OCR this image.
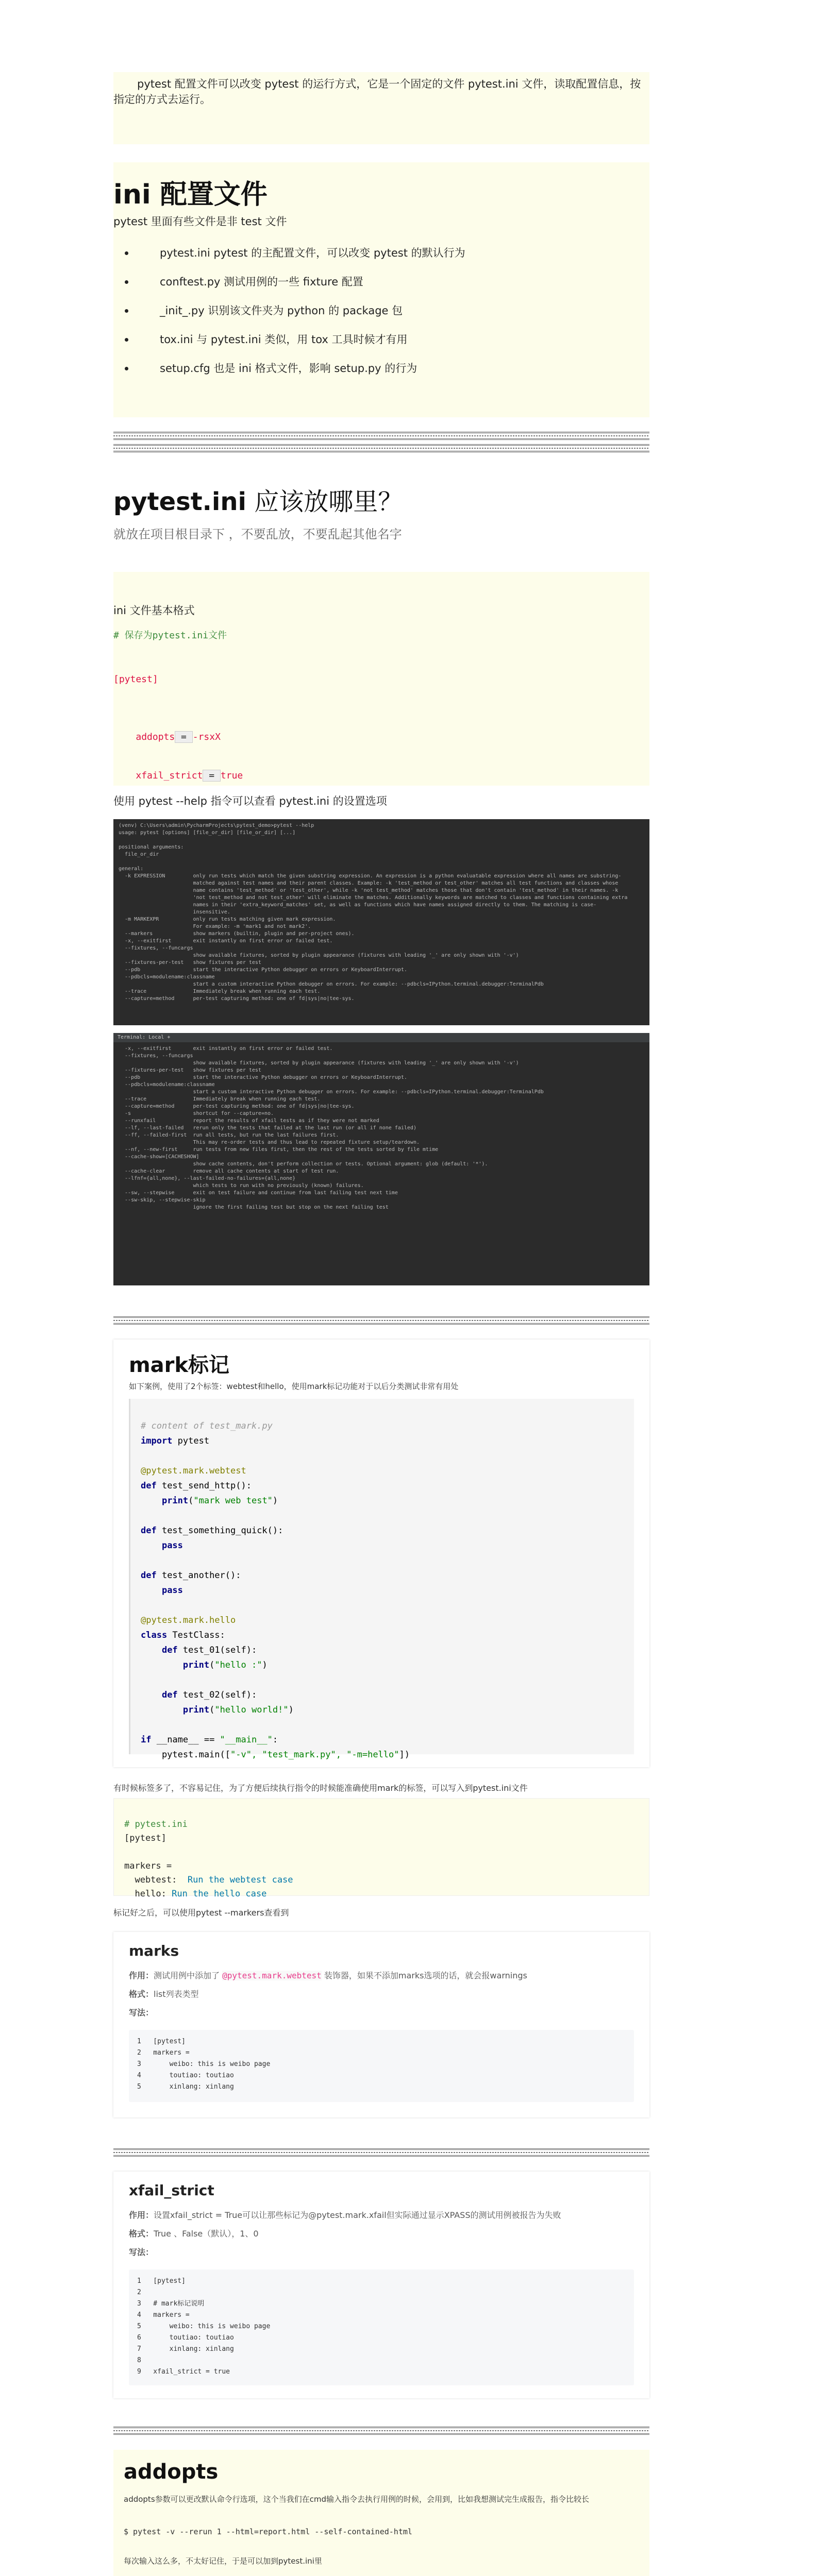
pytest 配置文件可以改变 pytest 的运行方式，它是一个固定的文件 pytest.ini 文件，读取配置信息，按指定的方式去运行。
ini 配置文件
pytest 里面有些文件是非 test 文件
pytest.ini pytest 的主配置文件，可以改变 pytest 的默认行为
conftest.py 测试用例的一些 fixture 配置
_init_.py 识别该文件夹为 python 的 package 包
tox.ini 与 pytest.ini 类似，用 tox 工具时候才有用
setup.cfg 也是 ini 格式文件，影响 setup.py 的行为
pytest.ini 应该放哪里？
就放在项目根目录下 ，不要乱放，不要乱起其他名字
ini 文件基本格式
# 保存为pytest.ini文件
[pytest]

addopts = -rsxX

xfail_strict = true

使用 pytest --help 指令可以查看 pytest.ini 的设置选项
(venv) C:\Users\admin\PycharmProjects\pytest_demo>pytest --help
usage: pytest [options] [file_or_dir] [file_or_dir] [...]

positional arguments:
file_or_dir

general:
-k EXPRESSION         only run tests which match the given substring expression. An expression is a python evaluatable expression where all names are substring-
matched against test names and their parent classes. Example: -k 'test_method or test_other' matches all test functions and classes whose
name contains 'test_method' or 'test_other', while -k 'not test_method' matches those that don't contain 'test_method' in their names. -k
'not test_method and not test_other' will eliminate the matches. Additionally keywords are matched to classes and functions containing extra
names in their 'extra_keyword_matches' set, as well as functions which have names assigned directly to them. The matching is case-
insensitive.
-m MARKEXPR           only run tests matching given mark expression.
For example: -m 'mark1 and not mark2'.
--markers             show markers (builtin, plugin and per-project ones).
-x, --exitfirst       exit instantly on first error or failed test.
--fixtures, --funcargs
show available fixtures, sorted by plugin appearance (fixtures with leading '_' are only shown with '-v')
--fixtures-per-test   show fixtures per test
--pdb                 start the interactive Python debugger on errors or KeyboardInterrupt.
--pdbcls=modulename:classname
start a custom interactive Python debugger on errors. For example: --pdbcls=IPython.terminal.debugger:TerminalPdb
--trace               Immediately break when running each test.
--capture=method      per-test capturing method: one of fd|sys|no|tee-sys.
Terminal: Local +
-x, --exitfirst       exit instantly on first error or failed test.
--fixtures, --funcargs
show available fixtures, sorted by plugin appearance (fixtures with leading '_' are only shown with '-v')
--fixtures-per-test   show fixtures per test
--pdb                 start the interactive Python debugger on errors or KeyboardInterrupt.
--pdbcls=modulename:classname
start a custom interactive Python debugger on errors. For example: --pdbcls=IPython.terminal.debugger:TerminalPdb
--trace               Immediately break when running each test.
--capture=method      per-test capturing method: one of fd|sys|no|tee-sys.
-s                    shortcut for --capture=no.
--runxfail            report the results of xfail tests as if they were not marked
--lf, --last-failed   rerun only the tests that failed at the last run (or all if none failed)
--ff, --failed-first  run all tests, but run the last failures first.
This may re-order tests and thus lead to repeated fixture setup/teardown.
--nf, --new-first     run tests from new files first, then the rest of the tests sorted by file mtime
--cache-show=[CACHESHOW]
show cache contents, don't perform collection or tests. Optional argument: glob (default: '*').
--cache-clear         remove all cache contents at start of test run.
--lfnf={all,none}, --last-failed-no-failures={all,none}
which tests to run with no previously (known) failures.
--sw, --stepwise      exit on test failure and continue from last failing test next time
--sw-skip, --stepwise-skip
ignore the first failing test but stop on the next failing test
mark标记
如下案例，使用了2个标签：webtest和hello，使用mark标记功能对于以后分类测试非常有用处

# content of test_mark.py
import pytest

@pytest.mark.webtest
def test_send_http():
print("mark web test")

def test_something_quick():
pass

def test_another():
pass

@pytest.mark.hello
class TestClass:
def test_01(self):
print("hello :")

def test_02(self):
print("hello world!")

if __name__ == "__main__":
pytest.main(["-v", "test_mark.py", "-m=hello"])
有时候标签多了，不容易记住，为了方便后续执行指令的时候能准确使用mark的标签，可以写入到pytest.ini文件

# pytest.ini
[pytest]

markers =
webtest:  Run the webtest case
hello: Run the hello case
标记好之后，可以使用pytest --markers查看到
marks
作用：测试用例中添加了 @pytest.mark.webtest 装饰器，如果不添加marks选项的话，就会报warnings
格式：list列表类型
写法：
1   [pytest]
2   markers =
3       weibo: this is weibo page
4       toutiao: toutiao
5       xinlang: xinlang
xfail_strict
作用：设置xfail_strict = True可以让那些标记为@pytest.mark.xfail但实际通过显示XPASS的测试用例被报告为失败
格式：True 、False（默认），1、0
写法：
1   [pytest]
2
3   # mark标记说明
4   markers =
5       weibo: this is weibo page
6       toutiao: toutiao
7       xinlang: xinlang
8
9   xfail_strict = true
addopts
addopts参数可以更改默认命令行选项，这个当我们在cmd输入指令去执行用例的时候，会用到，比如我想测试完生成报告，指令比较长
$ pytest -v --rerun 1 --html=report.html --self-contained-html
每次输入这么多，不太好记住，于是可以加到pytest.ini里
